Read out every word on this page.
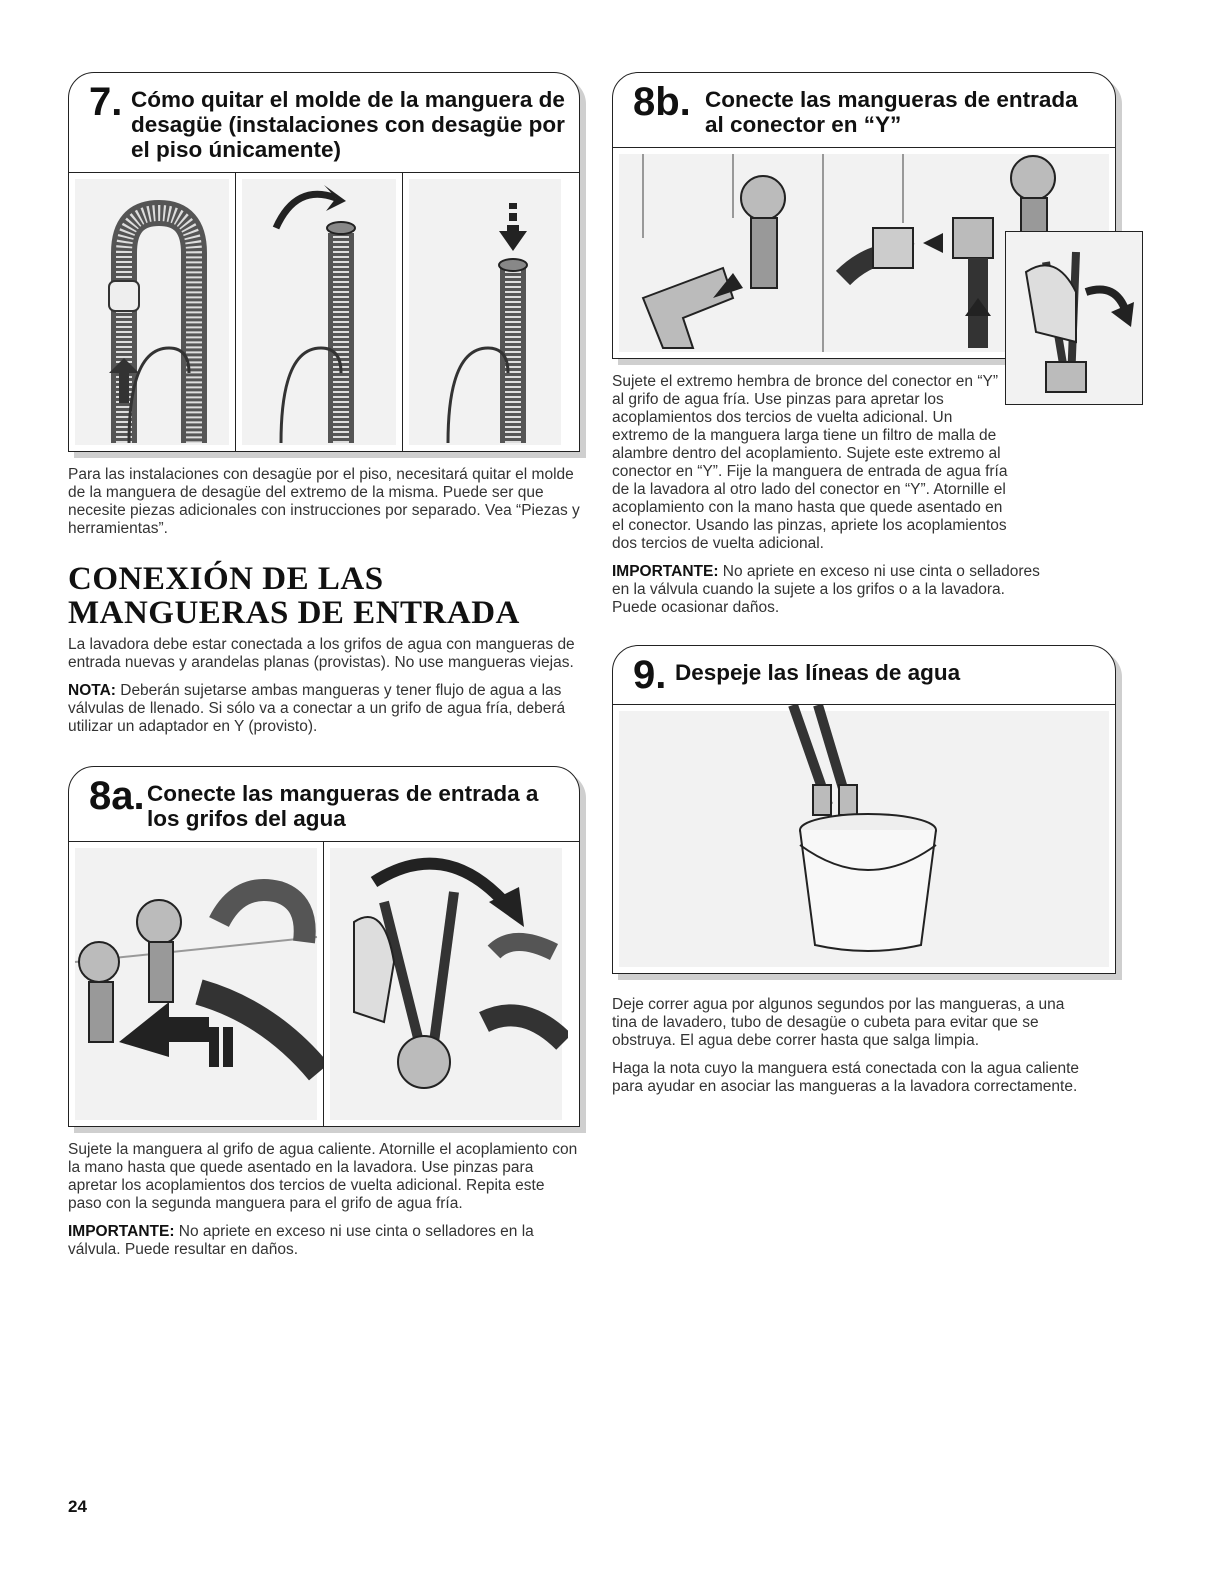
7. Cómo quitar el molde de la manguera de desagüe (instalaciones con desagüe por el piso únicamente)

Para las instalaciones con desagüe por el piso, necesitará quitar el molde de la manguera de desagüe del extremo de la misma. Puede ser que necesite piezas adicionales con instrucciones por separado. Vea “Piezas y herramientas”.

CONEXIÓN DE LAS MANGUERAS DE ENTRADA

La lavadora debe estar conectada a los grifos de agua con mangueras de entrada nuevas y arandelas planas (provistas). No use mangueras viejas.

NOTA: Deberán sujetarse ambas mangueras y tener flujo de agua a las válvulas de llenado. Si sólo va a conectar a un grifo de agua fría, deberá utilizar un adaptador en Y (provisto).

8a. Conecte las mangueras de entrada a los grifos del agua

Sujete la manguera al grifo de agua caliente. Atornille el acoplamiento con la mano hasta que quede asentado en la lavadora. Use pinzas para apretar los acoplamientos dos tercios de vuelta adicional. Repita este paso con la segunda manguera para el grifo de agua fría.

IMPORTANTE: No apriete en exceso ni use cinta o selladores en la válvula. Puede resultar en daños.

8b. Conecte las mangueras de entrada al conector en “Y”

Sujete el extremo hembra de bronce del conector en “Y” al grifo de agua fría. Use pinzas para apretar los acoplamientos dos tercios de vuelta adicional. Un extremo de la manguera larga tiene un filtro de malla de alambre dentro del acoplamiento. Sujete este extremo al conector en “Y”. Fije la manguera de entrada de agua fría de la lavadora al otro lado del conector en “Y”. Atornille el acoplamiento con la mano hasta que quede asentado en el conector. Usando las pinzas, apriete los acoplamientos dos tercios de vuelta adicional.

IMPORTANTE: No apriete en exceso ni use cinta o selladores en la válvula cuando la sujete a los grifos o a la lavadora. Puede ocasionar daños.

9. Despeje las líneas de agua

Deje correr agua por algunos segundos por las mangueras, a una tina de lavadero, tubo de desagüe o cubeta para evitar que se obstruya. El agua debe correr hasta que salga limpia.

Haga la nota cuyo la manguera está conectada con la agua caliente para ayudar en asociar las mangueras a la lavadora correctamente.

24
